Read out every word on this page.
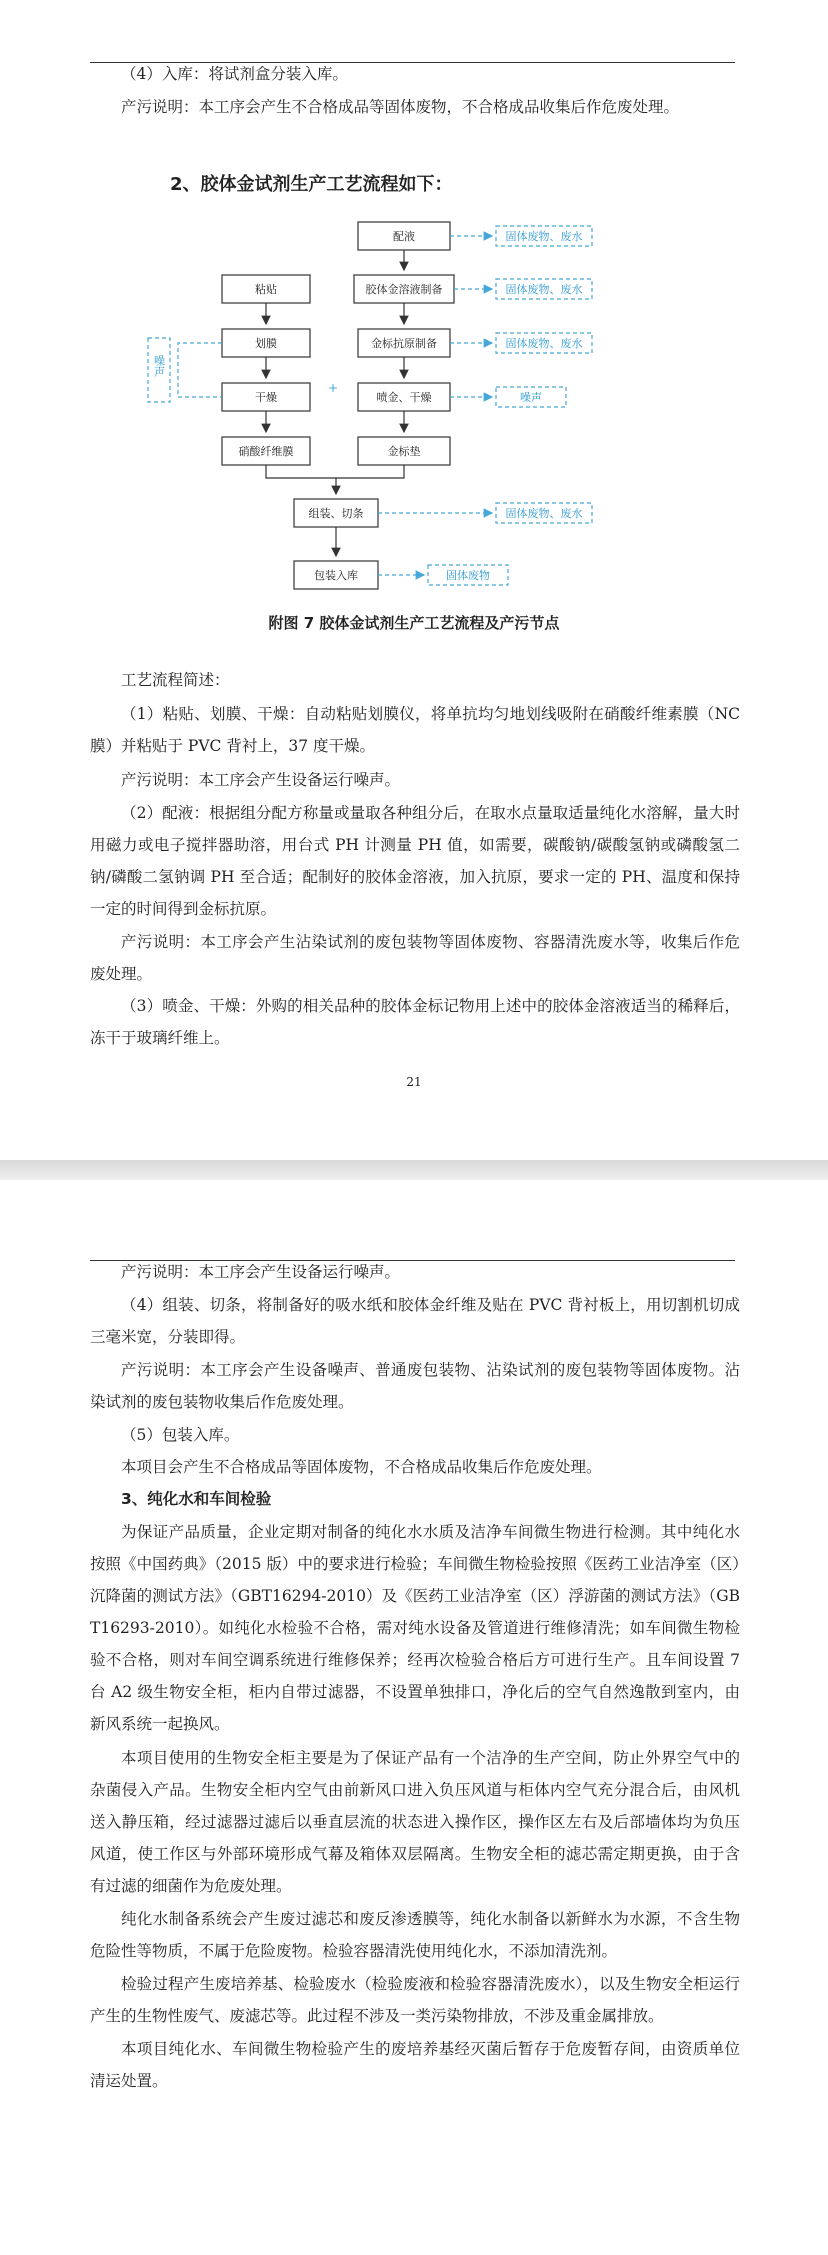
（4）入库：将试剂盒分装入库。

产污说明：本工序会产生不合格成品等固体废物，不合格成品收集后作危废处理。

2、胶体金试剂生产工艺流程如下：
配液
粘贴	胶体金溶液制备
划膜	金标抗原制备
干燥	喷金、干燥
硝酸纤维膜	金标垫
组装、切条
包装入库
+
固体废物、废水
固体废物、废水
固体废物、废水
噪声
固体废物、废水
固体废物
噪声
附图 7 胶体金试剂生产工艺流程及产污节点

工艺流程简述：

（1）粘贴、划膜、干燥：自动粘贴划膜仪，将单抗均匀地划线吸附在硝酸纤维素膜（NC 膜）并粘贴于 PVC 背衬上，37 度干燥。

产污说明：本工序会产生设备运行噪声。

（2）配液：根据组分配方称量或量取各种组分后，在取水点量取适量纯化水溶解，量大时用磁力或电子搅拌器助溶，用台式 PH 计测量 PH 值，如需要，碳酸钠/碳酸氢钠或磷酸氢二钠/磷酸二氢钠调 PH 至合适；配制好的胶体金溶液，加入抗原，要求一定的 PH、温度和保持一定的时间得到金标抗原。

产污说明：本工序会产生沾染试剂的废包装物等固体废物、容器清洗废水等，收集后作危废处理。

（3）喷金、干燥：外购的相关品种的胶体金标记物用上述中的胶体金溶液适当的稀释后，冻干于玻璃纤维上。

21

产污说明：本工序会产生设备运行噪声。

（4）组装、切条，将制备好的吸水纸和胶体金纤维及贴在 PVC 背衬板上，用切割机切成三毫米宽，分装即得。

产污说明：本工序会产生设备噪声、普通废包装物、沾染试剂的废包装物等固体废物。沾染试剂的废包装物收集后作危废处理。

（5）包装入库。

本项目会产生不合格成品等固体废物，不合格成品收集后作危废处理。

3、纯化水和车间检验

为保证产品质量，企业定期对制备的纯化水水质及洁净车间微生物进行检测。其中纯化水按照《中国药典》（2015 版）中的要求进行检验；车间微生物检验按照《医药工业洁净室（区）沉降菌的测试方法》（GBT16294-2010）及《医药工业洁净室（区）浮游菌的测试方法》（GBT16293-2010）。如纯化水检验不合格，需对纯水设备及管道进行维修清洗；如车间微生物检验不合格，则对车间空调系统进行维修保养；经再次检验合格后方可进行生产。且车间设置 7 台 A2 级生物安全柜，柜内自带过滤器，不设置单独排口，净化后的空气自然逸散到室内，由新风系统一起换风。

本项目使用的生物安全柜主要是为了保证产品有一个洁净的生产空间，防止外界空气中的杂菌侵入产品。生物安全柜内空气由前新风口进入负压风道与柜体内空气充分混合后，由风机送入静压箱，经过滤器过滤后以垂直层流的状态进入操作区，操作区左右及后部墙体均为负压风道，使工作区与外部环境形成气幕及箱体双层隔离。生物安全柜的滤芯需定期更换，由于含有过滤的细菌作为危废处理。

纯化水制备系统会产生废过滤芯和废反渗透膜等，纯化水制备以新鲜水为水源，不含生物危险性等物质，不属于危险废物。检验容器清洗使用纯化水，不添加清洗剂。

检验过程产生废培养基、检验废水（检验废液和检验容器清洗废水），以及生物安全柜运行产生的生物性废气、废滤芯等。此过程不涉及一类污染物排放，不涉及重金属排放。

本项目纯化水、车间微生物检验产生的废培养基经灭菌后暂存于危废暂存间，由资质单位清运处置。
